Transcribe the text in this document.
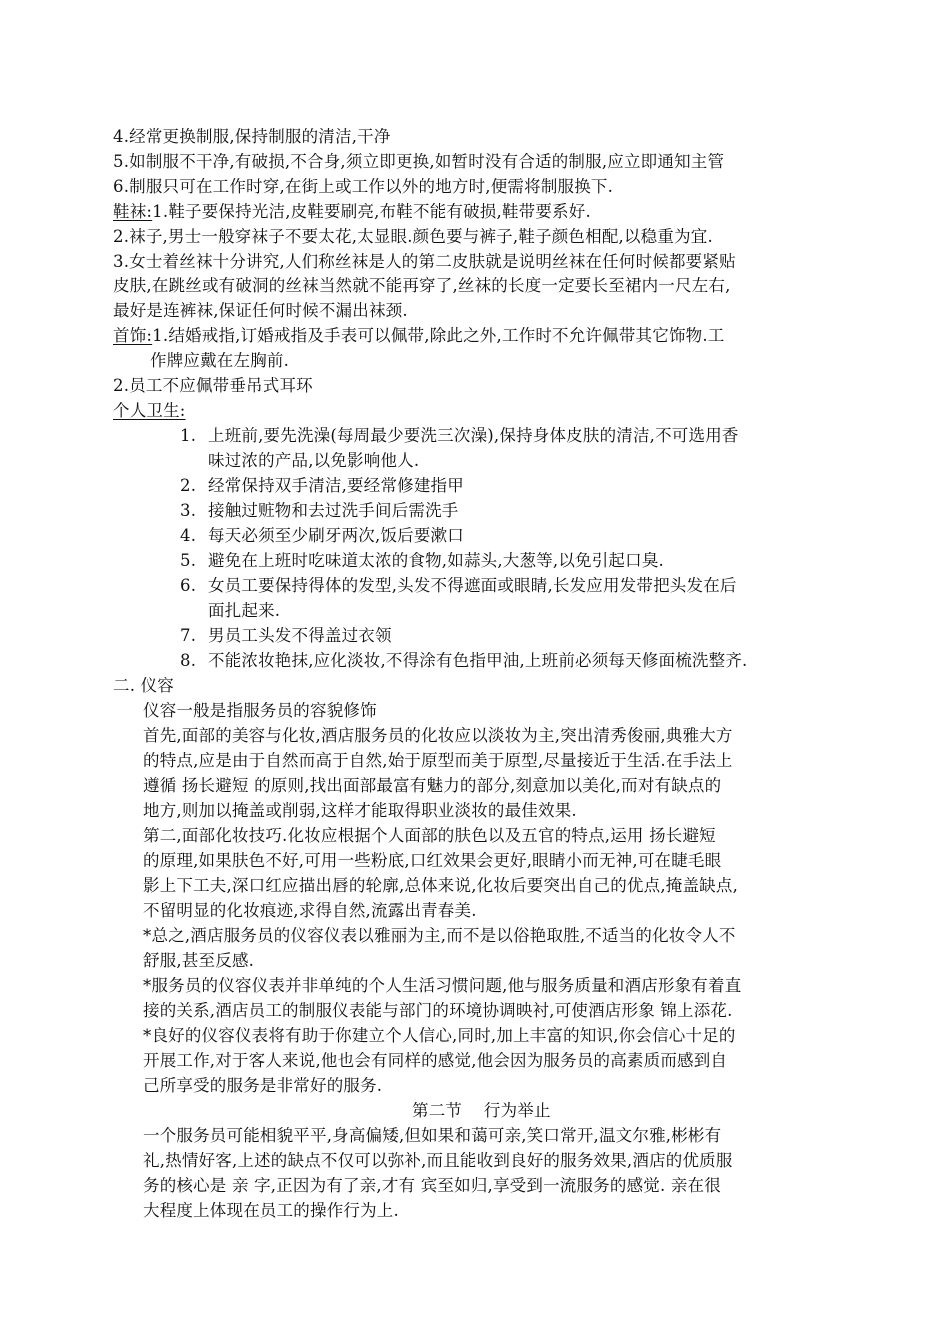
4.经常更换制服,保持制服的清洁,干净
5.如制服不干净,有破损,不合身,须立即更换,如暂时没有合适的制服,应立即通知主管
6.制服只可在工作时穿,在街上或工作以外的地方时,便需将制服换下.
鞋袜:1.鞋子要保持光洁,皮鞋要刷亮,布鞋不能有破损,鞋带要系好.
2.袜子,男士一般穿袜子不要太花,太显眼.颜色要与裤子,鞋子颜色相配,以稳重为宜.
3.女士着丝袜十分讲究,人们称丝袜是人的第二皮肤就是说明丝袜在任何时候都要紧贴
皮肤,在跳丝或有破洞的丝袜当然就不能再穿了,丝袜的长度一定要长至裙内一尺左右,
最好是连裤袜,保证任何时候不漏出袜颈.
首饰:1.结婚戒指,订婚戒指及手表可以佩带,除此之外,工作时不允许佩带其它饰物.工
作牌应戴在左胸前.
2.员工不应佩带垂吊式耳环
个人卫生:
1. 上班前,要先洗澡(每周最少要洗三次澡),保持身体皮肤的清洁,不可选用香
味过浓的产品,以免影响他人.
2. 经常保持双手清洁,要经常修建指甲
3. 接触过赃物和去过洗手间后需洗手
4. 每天必须至少刷牙两次,饭后要漱口
5. 避免在上班时吃味道太浓的食物,如蒜头,大葱等,以免引起口臭.
6. 女员工要保持得体的发型,头发不得遮面或眼睛,长发应用发带把头发在后
面扎起来.
7. 男员工头发不得盖过衣领
8. 不能浓妆艳抹,应化淡妆,不得涂有色指甲油,上班前必须每天修面梳洗整齐.
二. 仪容
仪容一般是指服务员的容貌修饰
首先,面部的美容与化妆,酒店服务员的化妆应以淡妆为主,突出清秀俊丽,典雅大方
的特点,应是由于自然而高于自然,始于原型而美于原型,尽量接近于生活.在手法上
遵循 扬长避短 的原则,找出面部最富有魅力的部分,刻意加以美化,而对有缺点的
地方,则加以掩盖或削弱,这样才能取得职业淡妆的最佳效果.
第二,面部化妆技巧.化妆应根据个人面部的肤色以及五官的特点,运用 扬长避短
的原理,如果肤色不好,可用一些粉底,口红效果会更好,眼睛小而无神,可在睫毛眼
影上下工夫,深口红应描出唇的轮廓,总体来说,化妆后要突出自己的优点,掩盖缺点,
不留明显的化妆痕迹,求得自然,流露出青春美.
*总之,酒店服务员的仪容仪表以雅丽为主,而不是以俗艳取胜,不适当的化妆令人不
舒服,甚至反感.
*服务员的仪容仪表并非单纯的个人生活习惯问题,他与服务质量和酒店形象有着直
接的关系,酒店员工的制服仪表能与部门的环境协调映衬,可使酒店形象 锦上添花.
*良好的仪容仪表将有助于你建立个人信心,同时,加上丰富的知识,你会信心十足的
开展工作,对于客人来说,他也会有同样的感觉,他会因为服务员的高素质而感到自
己所享受的服务是非常好的服务.
第二节    行为举止
一个服务员可能相貌平平,身高偏矮,但如果和蔼可亲,笑口常开,温文尔雅,彬彬有
礼,热情好客,上述的缺点不仅可以弥补,而且能收到良好的服务效果,酒店的优质服
务的核心是 亲 字,正因为有了亲,才有 宾至如归,享受到一流服务的感觉. 亲在很
大程度上体现在员工的操作行为上.
